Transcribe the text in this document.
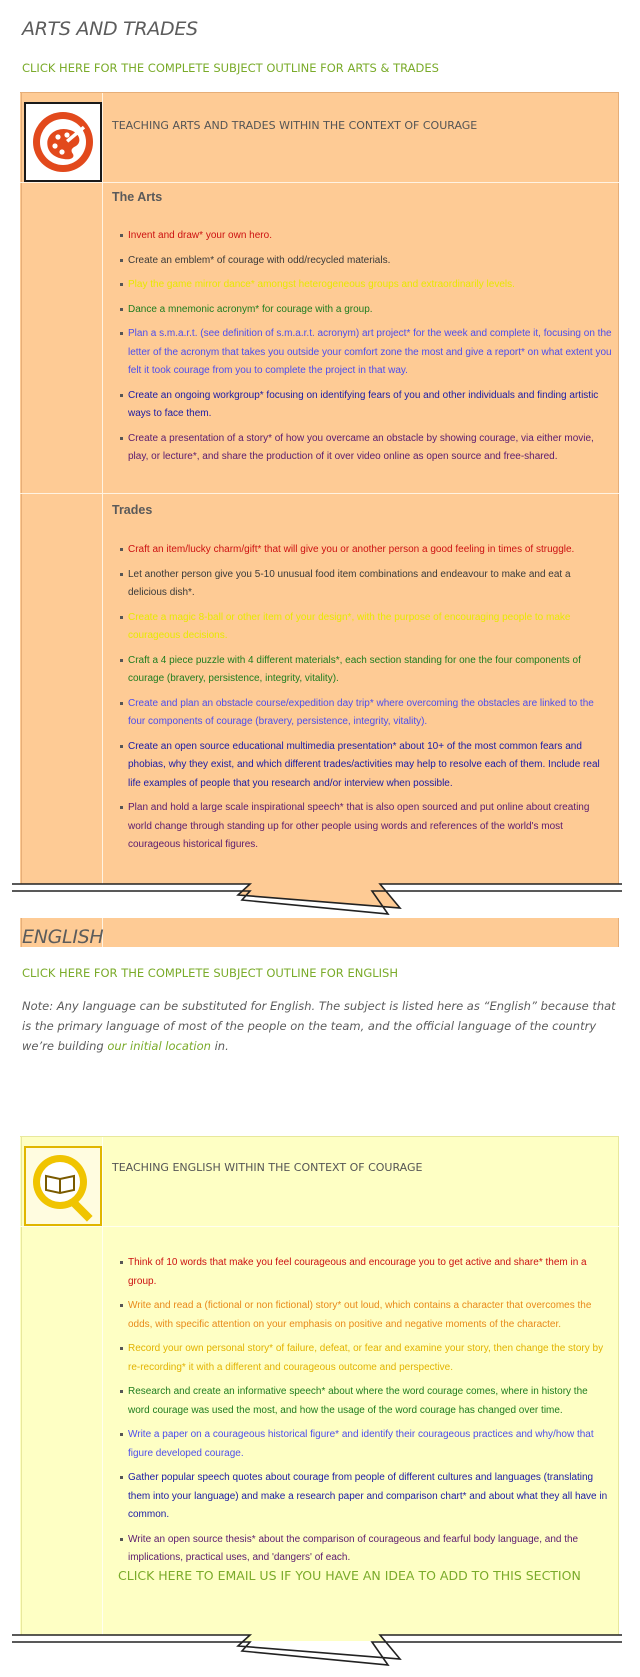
ARTS AND TRADES
CLICK HERE FOR THE COMPLETE SUBJECT OUTLINE FOR ARTS & TRADES
TEACHING ARTS AND TRADES WITHIN THE CONTEXT OF COURAGE
The Arts
Invent and draw* your own hero.
Create an emblem* of courage with odd/recycled materials.
Play the game mirror dance* amongst heterogeneous groups and extraordinarily levels.
Dance a mnemonic acronym* for courage with a group.
Plan a s.m.a.r.t. (see definition of s.m.a.r.t. acronym) art project* for the week and complete it, focusing on the letter of the acronym that takes you outside your comfort zone the most and give a report* on what extent you felt it took courage from you to complete the project in that way.
Create an ongoing workgroup* focusing on identifying fears of you and other individuals and finding artistic ways to face them.
Create a presentation of a story* of how you overcame an obstacle by showing courage, via either movie, play, or lecture*, and share the production of it over video online as open source and free-shared.
Trades
Craft an item/lucky charm/gift* that will give you or another person a good feeling in times of struggle.
Let another person give you 5-10 unusual food item combinations and endeavour to make and eat a delicious dish*.
Create a magic 8-ball or other item of your design*, with the purpose of encouraging people to make courageous decisions.
Craft a 4 piece puzzle with 4 different materials*, each section standing for one the four components of courage (bravery, persistence, integrity, vitality).
Create and plan an obstacle course/expedition day trip* where overcoming the obstacles are linked to the four components of courage (bravery, persistence, integrity, vitality).
Create an open source educational multimedia presentation* about 10+ of the most common fears and phobias, why they exist, and which different trades/activities may help to resolve each of them. Include real life examples of people that you research and/or interview when possible.
Plan and hold a large scale inspirational speech* that is also open sourced and put online about creating world change through standing up for other people using words and references of the world's most courageous historical figures.
ENGLISH
CLICK HERE FOR THE COMPLETE SUBJECT OUTLINE FOR ENGLISH

Note: Any language can be substituted for English. The subject is listed here as “English” because that is the primary language of most of the people on the team, and the official language of the country we’re building our initial location in.

TEACHING ENGLISH WITHIN THE CONTEXT OF COURAGE
Think of 10 words that make you feel courageous and encourage you to get active and share* them in a group.
Write and read a (fictional or non fictional) story* out loud, which contains a character that overcomes the odds, with specific attention on your emphasis on positive and negative moments of the character.
Record your own personal story* of failure, defeat, or fear and examine your story, then change the story by re-recording* it with a different and courageous outcome and perspective.
Research and create an informative speech* about where the word courage comes, where in history the word courage was used the most, and how the usage of the word courage has changed over time.
Write a paper on a courageous historical figure* and identify their courageous practices and why/how that figure developed courage.
Gather popular speech quotes about courage from people of different cultures and languages (translating them into your language) and make a research paper and comparison chart* and about what they all have in common.
Write an open source thesis* about the comparison of courageous and fearful body language, and the implications, practical uses, and 'dangers' of each.
CLICK HERE TO EMAIL US IF YOU HAVE AN IDEA TO ADD TO THIS SECTION
